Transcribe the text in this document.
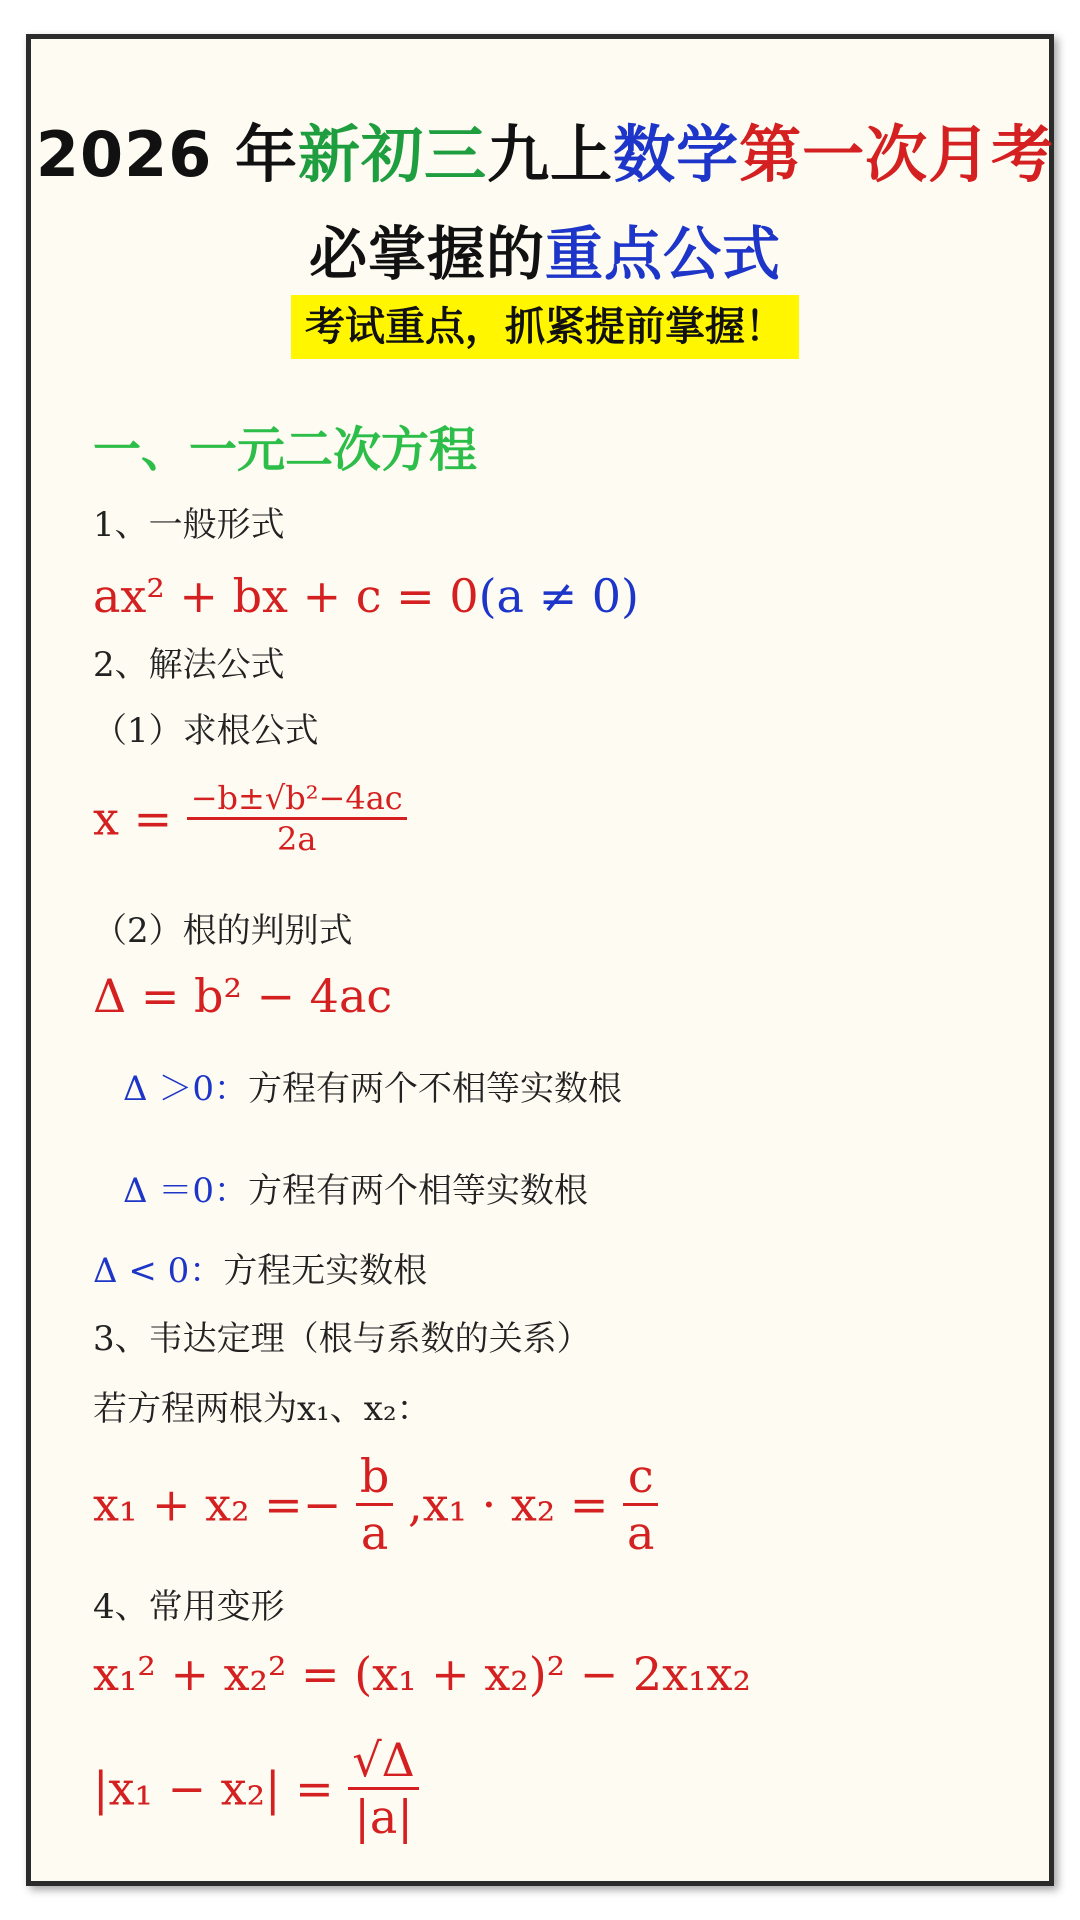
2026 年新初三九上数学第一次月考
必掌握的重点公式
考试重点，抓紧提前掌握！
一、一元二次方程
1、一般形式
ax² + bx + c = 0(a ≠ 0)
2、解法公式
（1）求根公式
$x = \frac{\text{−b±√b²−4ac}}{2a}$
（2）根的判别式
Δ = b² − 4ac
Δ ＞0：方程有两个不相等实数根
Δ ＝0：方程有两个相等实数根
Δ < 0：方程无实数根
3、韦达定理（根与系数的关系）
若方程两根为x₁、x₂：
$x_1 + x_2 =- \frac{b}{a} ,x_1 \cdot x_2 = \frac{c}{a}$
4、常用变形
x₁² + x₂² = (x₁ + x₂)² − 2x₁x₂
$|x_1 - x_2| = \frac{√\Delta}{|a|}$
